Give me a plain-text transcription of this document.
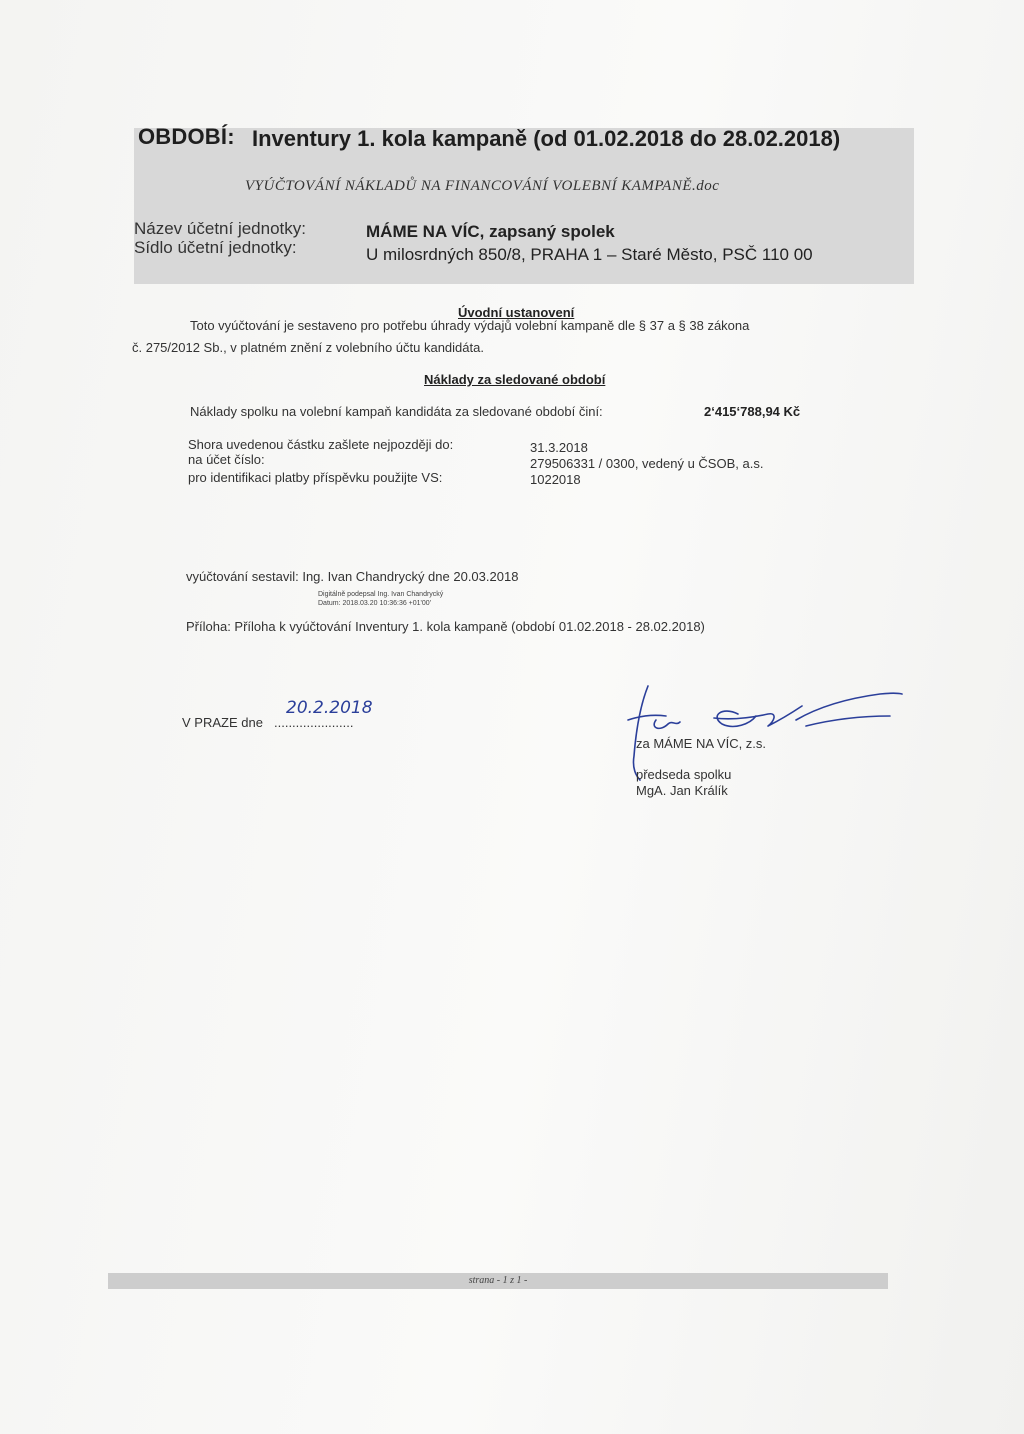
OBDOBÍ: Inventury 1. kola kampaně (od 01.02.2018 do 28.02.2018)
VYÚČTOVÁNÍ NÁKLADŮ NA FINANCOVÁNÍ VOLEBNÍ KAMPANĚ.doc
Název účetní jednotky:	MÁME NA VÍC, zapsaný spolek
Sídlo účetní jednotky:	U milosrdných 850/8, PRAHA 1 – Staré Město, PSČ 110 00
Úvodní ustanovení
Toto vyúčtování je sestaveno pro potřebu úhrady výdajů volební kampaně dle § 37 a § 38 zákona
č. 275/2012 Sb., v platném znění z volebního účtu kandidáta.
Náklady za sledované období
Náklady spolku na volební kampaň kandidáta za sledované období činí:	2‘415‘788,94 Kč
Shora uvedenou částku zašlete nejpozději do:	31.3.2018
na účet číslo:	279506331 / 0300, vedený u ČSOB, a.s.
pro identifikaci platby příspěvku použijte VS:	1022018
vyúčtování sestavil: Ing. Ivan Chandrycký dne 20.03.2018
Digitálně podepsal Ing. Ivan Chandrycký
Datum: 2018.03.20 10:36:36 +01'00'
Příloha: Příloha k vyúčtování Inventury 1. kola kampaně (období 01.02.2018 - 28.02.2018)
V PRAZE dne ......................
20.2.2018
za MÁME NA VÍC, z.s.
předseda spolku
MgA. Jan Králík
strana - 1 z 1 -
